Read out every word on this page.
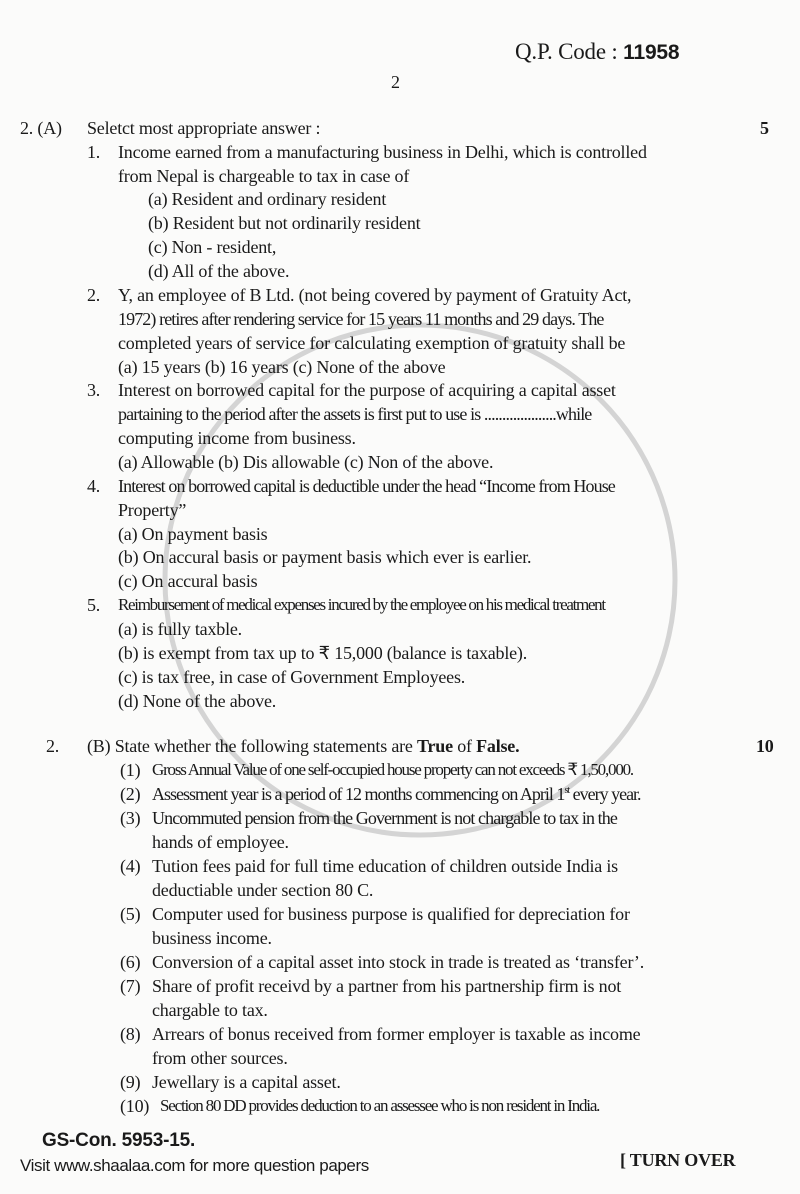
Q.P. Code : 11958
2
2. (A) Seletct most appropriate answer :	5
1. Income earned from a manufacturing business in Delhi, which is controlled
from Nepal is chargeable to tax in case of
(a) Resident and ordinary resident
(b) Resident but not ordinarily resident
(c) Non - resident,
(d) All of the above.
2. Y, an employee of B Ltd. (not being covered by payment of Gratuity Act,
1972) retires after rendering service for 15 years 11 months and 29 days. The
completed years of service for calculating exemption of gratuity shall be
(a) 15 years (b) 16 years (c) None of the above
3. Interest on borrowed capital for the purpose of acquiring a capital asset
partaining to the period after the assets is first put to use is ....................while
computing income from business.
(a) Allowable (b) Dis allowable (c) Non of the above.
4. Interest on borrowed capital is deductible under the head “Income from House
Property”
(a) On payment basis
(b) On accural basis or payment basis which ever is earlier.
(c) On accural basis
5. Reimbursement of medical expenses incured by the employee on his medical treatment
(a) is fully taxble.
(b) is exempt from tax up to ₹ 15,000 (balance is taxable).
(c) is tax free, in case of Government Employees.
(d) None of the above.
2. (B) State whether the following statements are True of False.	10
(1) Gross Annual Value of one self-occupied house property can not exceeds ₹ 1,50,000.
(2) Assessment year is a period of 12 months commencing on April 1st every year.
(3) Uncommuted pension from the Government is not chargable to tax in the
hands of employee.
(4) Tution fees paid for full time education of children outside India is
deductiable under section 80 C.
(5) Computer used for business purpose is qualified for depreciation for
business income.
(6) Conversion of a capital asset into stock in trade is treated as ‘transfer’.
(7) Share of profit receivd by a partner from his partnership firm is not
chargable to tax.
(8) Arrears of bonus received from former employer is taxable as income
from other sources.
(9) Jewellary is a capital asset.
(10) Section 80 DD provides deduction to an assessee who is non resident in India.
GS-Con. 5953-15.
Visit www.shaalaa.com for more question papers	[ TURN OVER
